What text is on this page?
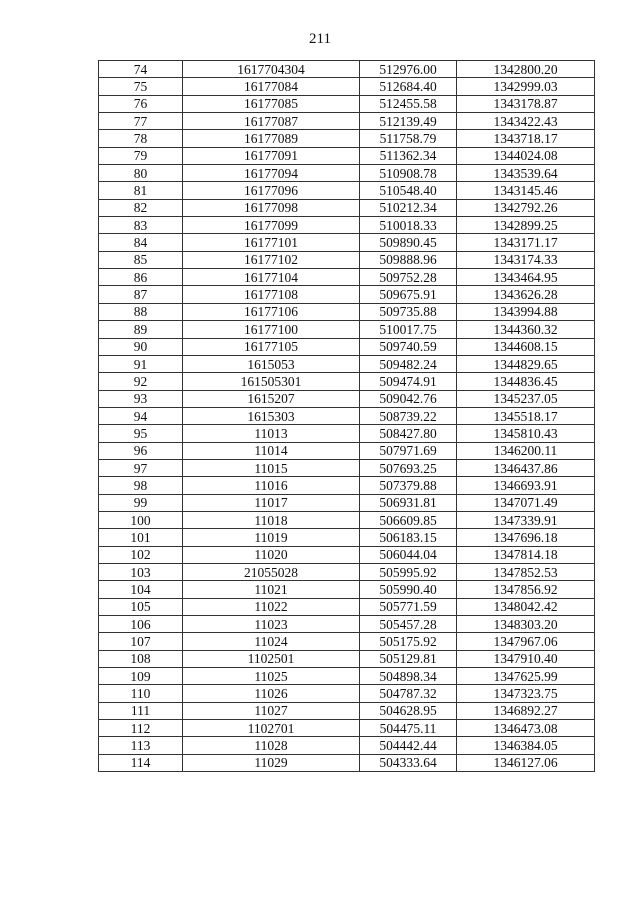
211
74	1617704304	512976.00	1342800.20
75	16177084	512684.40	1342999.03
76	16177085	512455.58	1343178.87
77	16177087	512139.49	1343422.43
78	16177089	511758.79	1343718.17
79	16177091	511362.34	1344024.08
80	16177094	510908.78	1343539.64
81	16177096	510548.40	1343145.46
82	16177098	510212.34	1342792.26
83	16177099	510018.33	1342899.25
84	16177101	509890.45	1343171.17
85	16177102	509888.96	1343174.33
86	16177104	509752.28	1343464.95
87	16177108	509675.91	1343626.28
88	16177106	509735.88	1343994.88
89	16177100	510017.75	1344360.32
90	16177105	509740.59	1344608.15
91	1615053	509482.24	1344829.65
92	161505301	509474.91	1344836.45
93	1615207	509042.76	1345237.05
94	1615303	508739.22	1345518.17
95	11013	508427.80	1345810.43
96	11014	507971.69	1346200.11
97	11015	507693.25	1346437.86
98	11016	507379.88	1346693.91
99	11017	506931.81	1347071.49
100	11018	506609.85	1347339.91
101	11019	506183.15	1347696.18
102	11020	506044.04	1347814.18
103	21055028	505995.92	1347852.53
104	11021	505990.40	1347856.92
105	11022	505771.59	1348042.42
106	11023	505457.28	1348303.20
107	11024	505175.92	1347967.06
108	1102501	505129.81	1347910.40
109	11025	504898.34	1347625.99
110	11026	504787.32	1347323.75
111	11027	504628.95	1346892.27
112	1102701	504475.11	1346473.08
113	11028	504442.44	1346384.05
114	11029	504333.64	1346127.06
